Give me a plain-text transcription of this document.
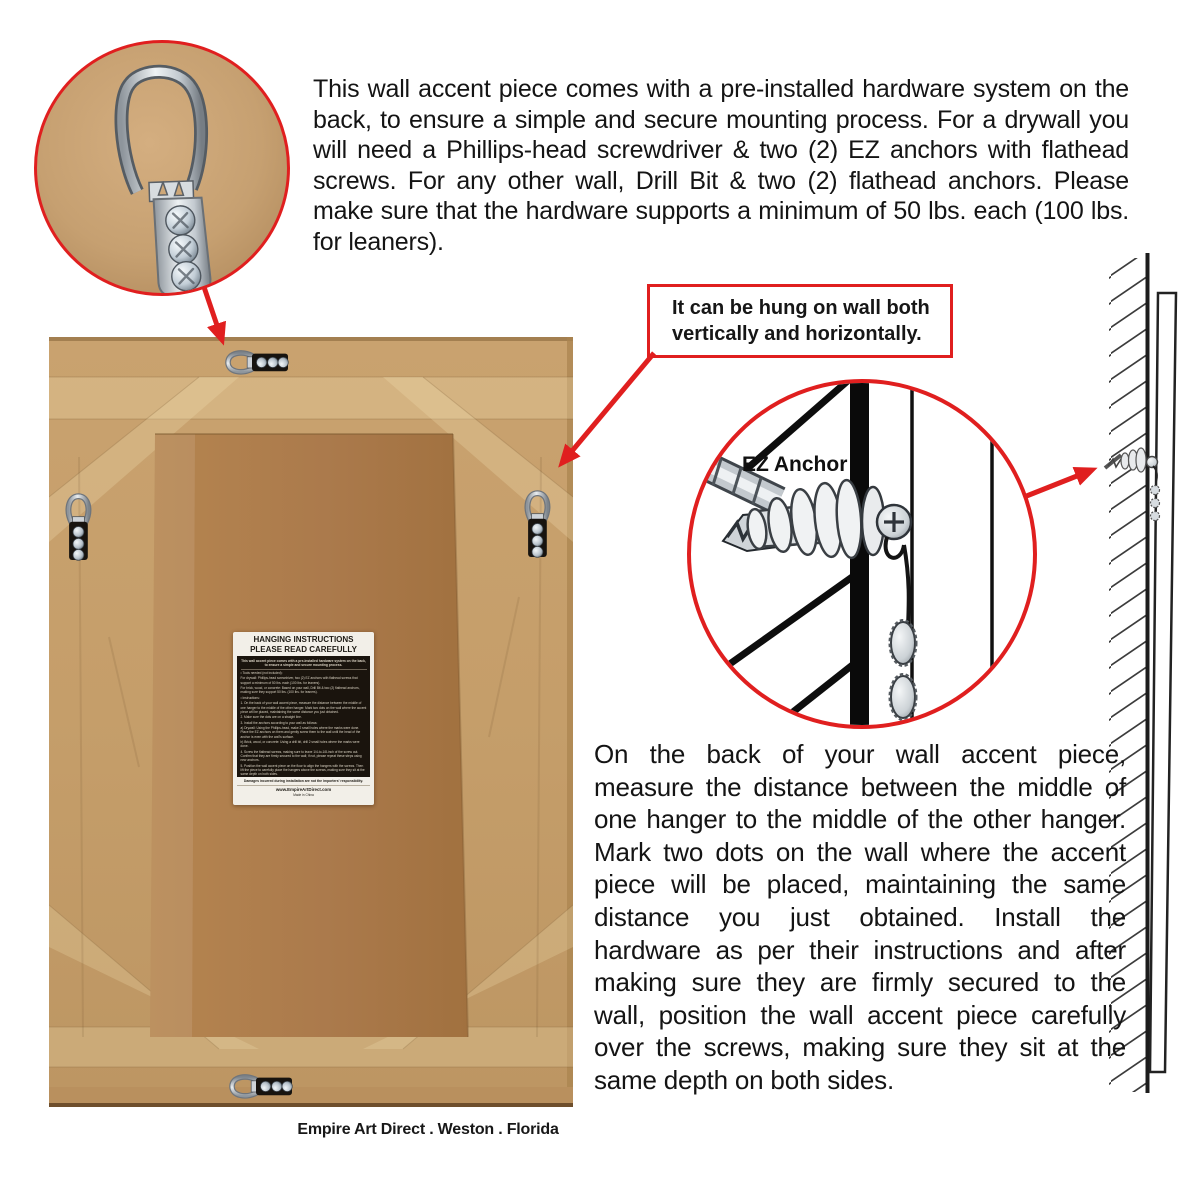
This wall accent piece comes with a pre-installed hardware system on the back, to ensure a simple and secure mounting process. For a drywall you will need a Phillips-head screwdriver & two (2) EZ anchors with flathead screws. For any other wall, Drill Bit & two (2) flathead anchors. Please make sure that the hardware supports a minimum of 50 lbs. each (100 lbs. for leaners).
It can be hung on wall both
vertically and horizontally.
HANGING INSTRUCTIONS
PLEASE READ CAREFULLY
This wall accent piece comes with a pre-installed hardware system on the back, to ensure a simple and secure mounting process.

• Tools needed (not included):

For drywall: Phillips-head screwdriver, two (2) EZ anchors with flathead screws that support a minimum of 50 lbs. each (100 lbs. for leaners).

For brick, wood, or concrete: Based on your wall, Drill Bit & two (2) flathead anchors, making sure they support 50 lbs. (100 lbs. for leaners).

• Instructions:

1. On the back of your wall accent piece, measure the distance between the middle of one hanger to the middle of the other hanger. Mark two dots on the wall where the accent piece will be placed, maintaining the same distance you just obtained.

2. Make sure the dots are on a straight line.

3. Install the anchors according to your wall as follows:

a) Drywall: Using the Phillips-head, make 2 small holes where the marks were done. Place the EZ anchors on them and gently screw them to the wall until the head of the anchor is even with the wall's surface.

b) Brick, wood, or concrete: Using a drill bit, drill 2 small holes where the marks were done.

4. Screw the flathead screws, making sure to leave 1/4-to-1/8-inch of the screw out. Confirm that they are firmly secured to the wall; if not, please repeat these steps using new anchors.

5. Position the wall accent piece on the floor to align the hangers with the screws. Then lift the piece to carefully place the hangers above the screws, making sure they sit at the same depth on both sides.

Damages incurred during installation are not the importers' responsibility.
www.EmpireArtDirect.com
Made in China
EZ Anchor
On the back of your wall accent piece, measure the distance between the middle of one hanger to the middle of the other hanger. Mark two dots on the wall where the accent piece will be placed, maintaining the same distance you just obtained. Install the hardware as per their instructions and after making sure they are firmly secured to the wall, position the wall accent piece carefully over the screws, making sure they sit at the same depth on both sides.
Empire Art Direct . Weston . Florida
